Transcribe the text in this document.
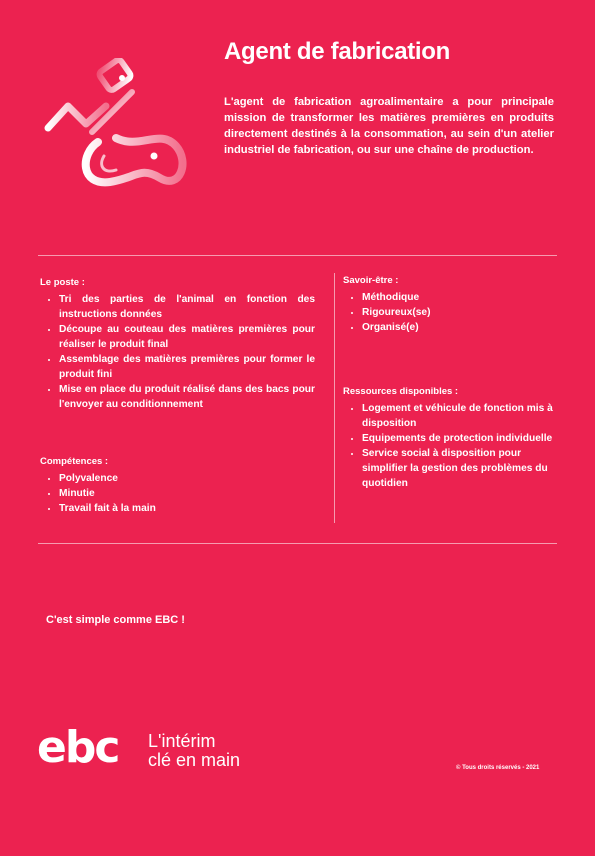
Agent de fabrication
L'agent de fabrication agroalimentaire a pour principale mission de transformer les matières premières en produits directement destinés à la consommation, au sein d'un atelier industriel de fabrication, ou sur une chaîne de production.
Le poste :
• Tri des parties de l'animal en fonction des instructions données
• Découpe au couteau des matières premières pour réaliser le produit final
• Assemblage des matières premières pour former le produit fini
• Mise en place du produit réalisé dans des bacs pour l'envoyer au conditionnement
Compétences :
• Polyvalence
• Minutie
• Travail fait à la main
Savoir-être :
• Méthodique
• Rigoureux(se)
• Organisé(e)
Ressources disponibles :
• Logement et véhicule de fonction mis à disposition
• Equipements de protection individuelle
• Service social à disposition pour simplifier la gestion des problèmes du quotidien
C'est simple comme EBC !
ebc L'intérim
clé en main	© Tous droits réservés - 2021
